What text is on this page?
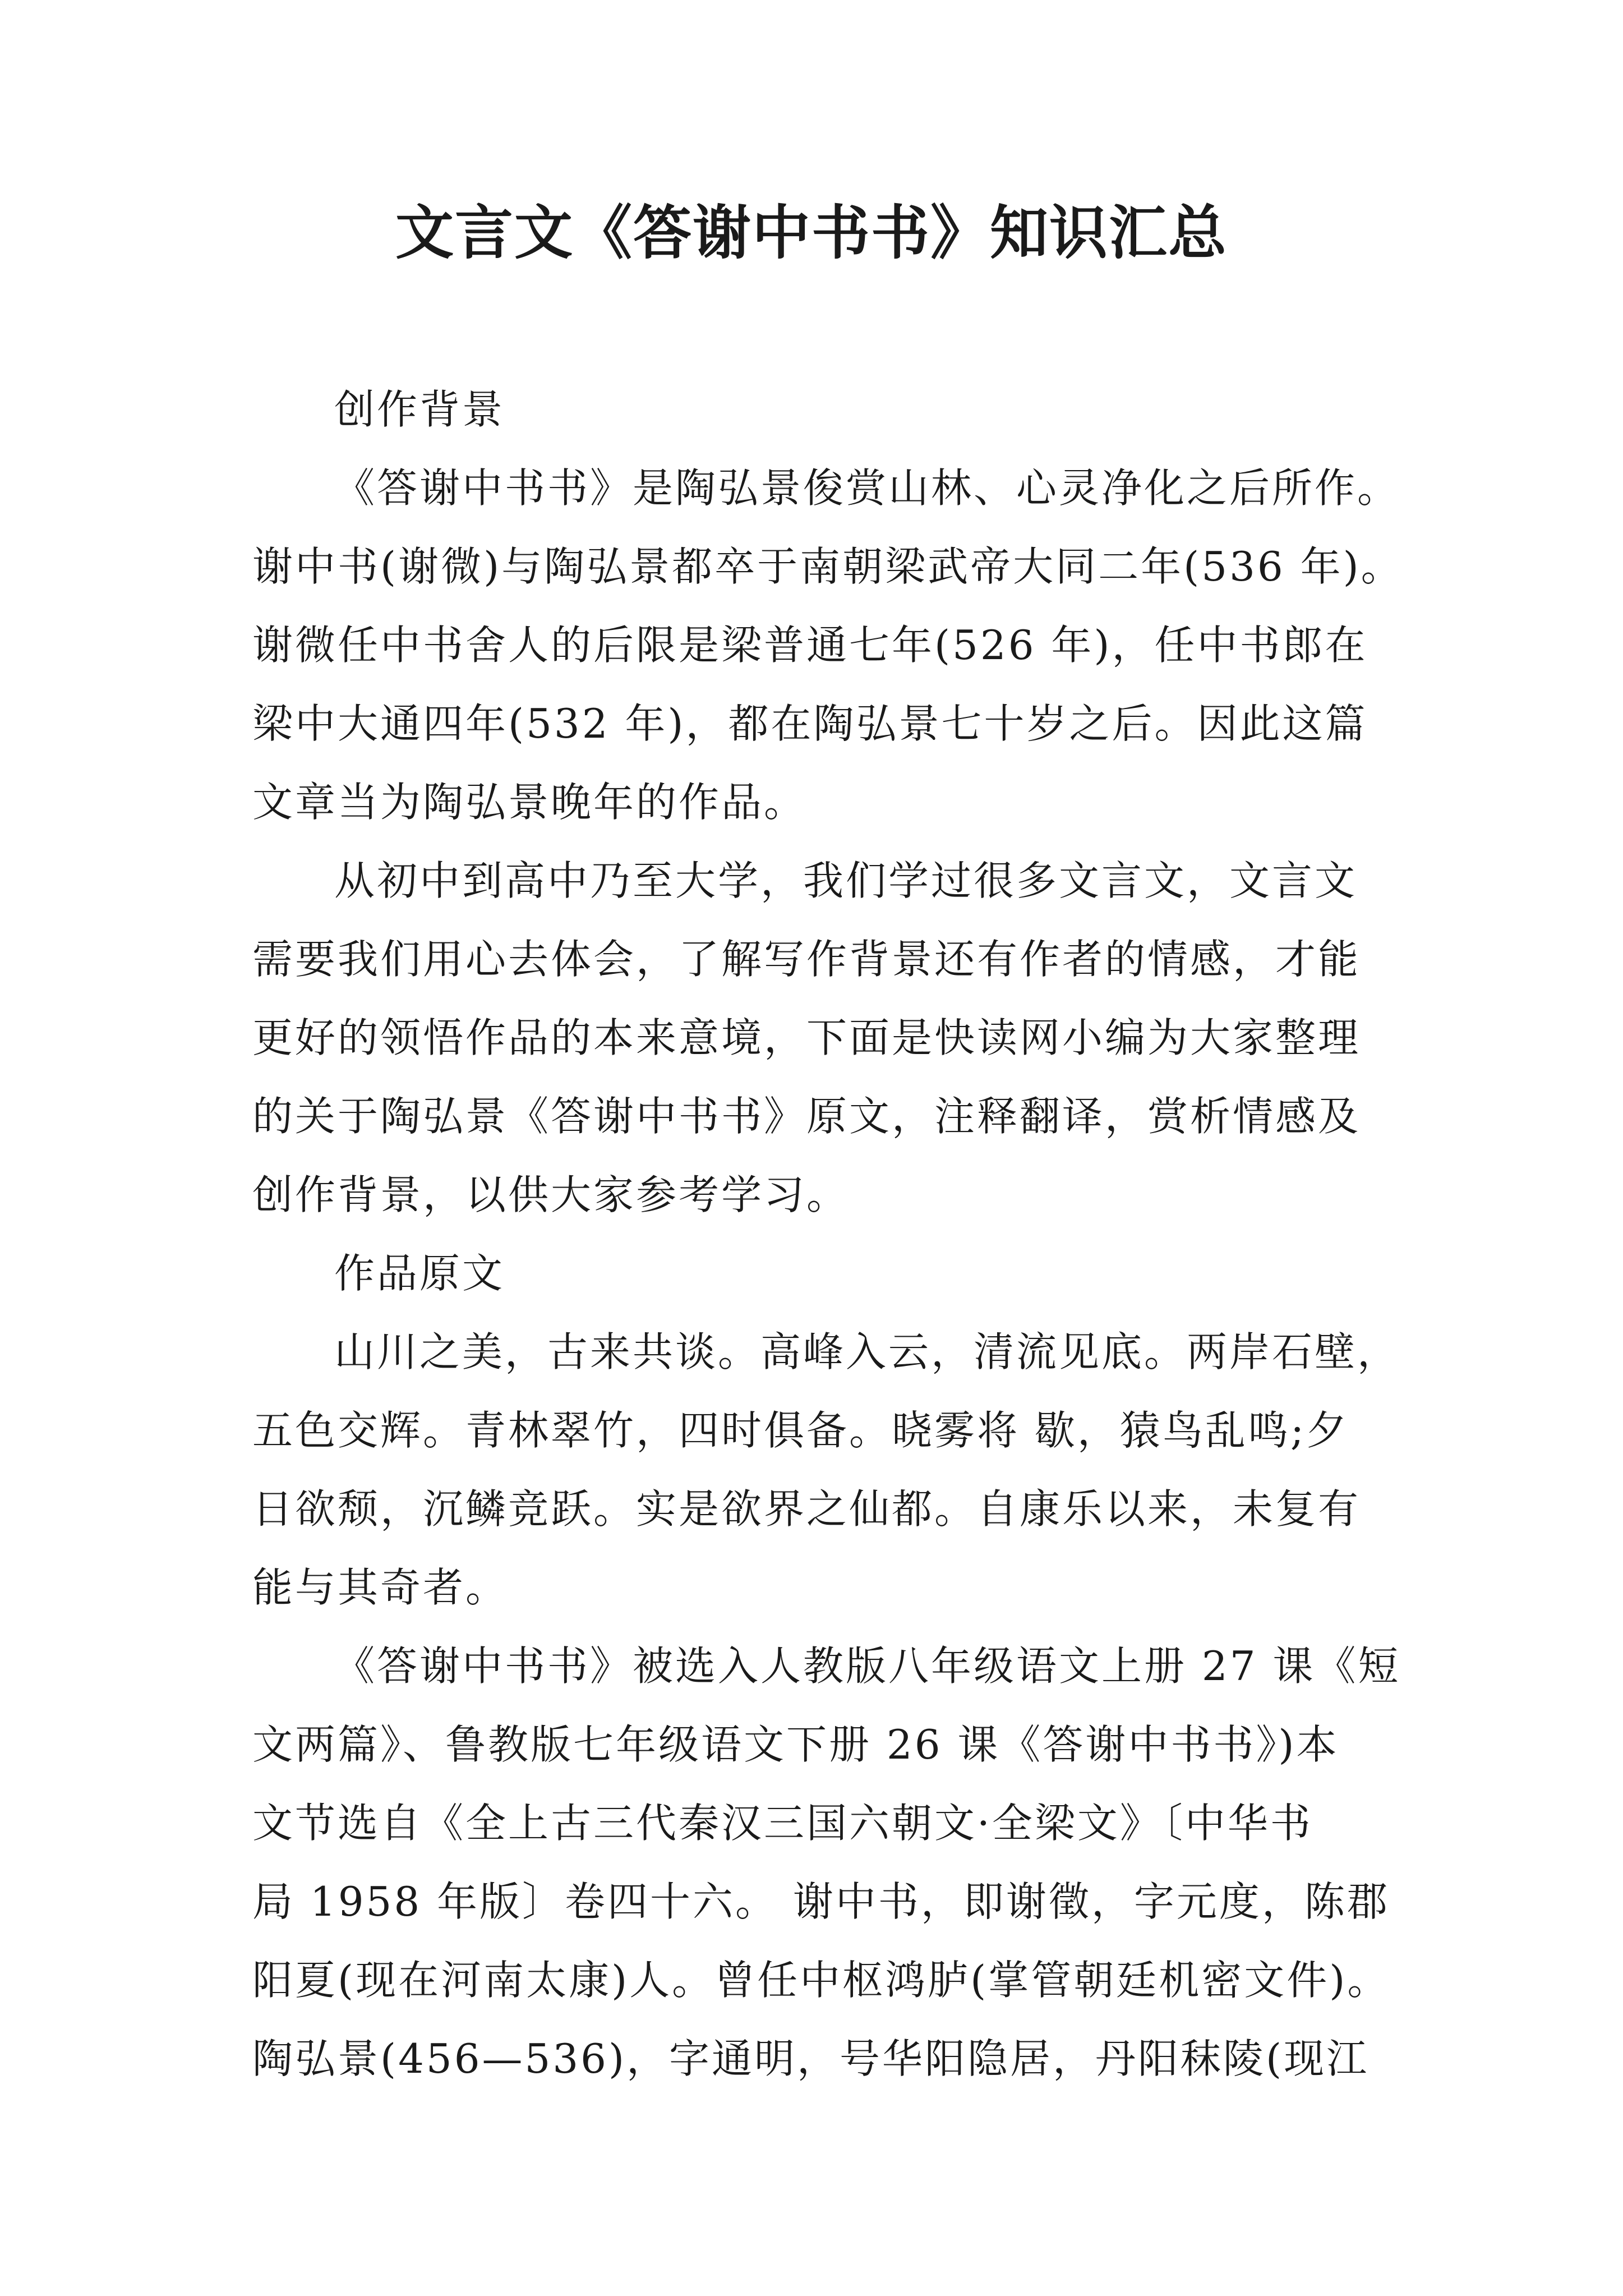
文言文《答谢中书书》知识汇总
创作背景
《答谢中书书》是陶弘景俊赏山林、心灵净化之后所作。
谢中书(谢微)与陶弘景都卒于南朝梁武帝大同二年(536 年)。
谢微任中书舍人的后限是梁普通七年(526 年)，任中书郎在
梁中大通四年(532 年)，都在陶弘景七十岁之后。因此这篇
文章当为陶弘景晚年的作品。
从初中到高中乃至大学，我们学过很多文言文，文言文
需要我们用心去体会，了解写作背景还有作者的情感，才能
更好的领悟作品的本来意境，下面是快读网小编为大家整理
的关于陶弘景《答谢中书书》原文，注释翻译，赏析情感及
创作背景，以供大家参考学习。
作品原文
山川之美，古来共谈。高峰入云，清流见底。两岸石壁，
五色交辉。青林翠竹，四时俱备。晓雾将 歇，猿鸟乱鸣;夕
日欲颓，沉鳞竞跃。实是欲界之仙都。自康乐以来，未复有
能与其奇者。
《答谢中书书》被选入人教版八年级语文上册 27 课《短
文两篇》、鲁教版七年级语文下册 26 课《答谢中书书》)本
文节选自《全上古三代秦汉三国六朝文·全梁文》〔中华书
局 1958 年版〕卷四十六。 谢中书，即谢徵，字元度，陈郡
阳夏(现在河南太康)人。曾任中枢鸿胪(掌管朝廷机密文件)。
陶弘景(456—536)，字通明，号华阳隐居，丹阳秣陵(现江
